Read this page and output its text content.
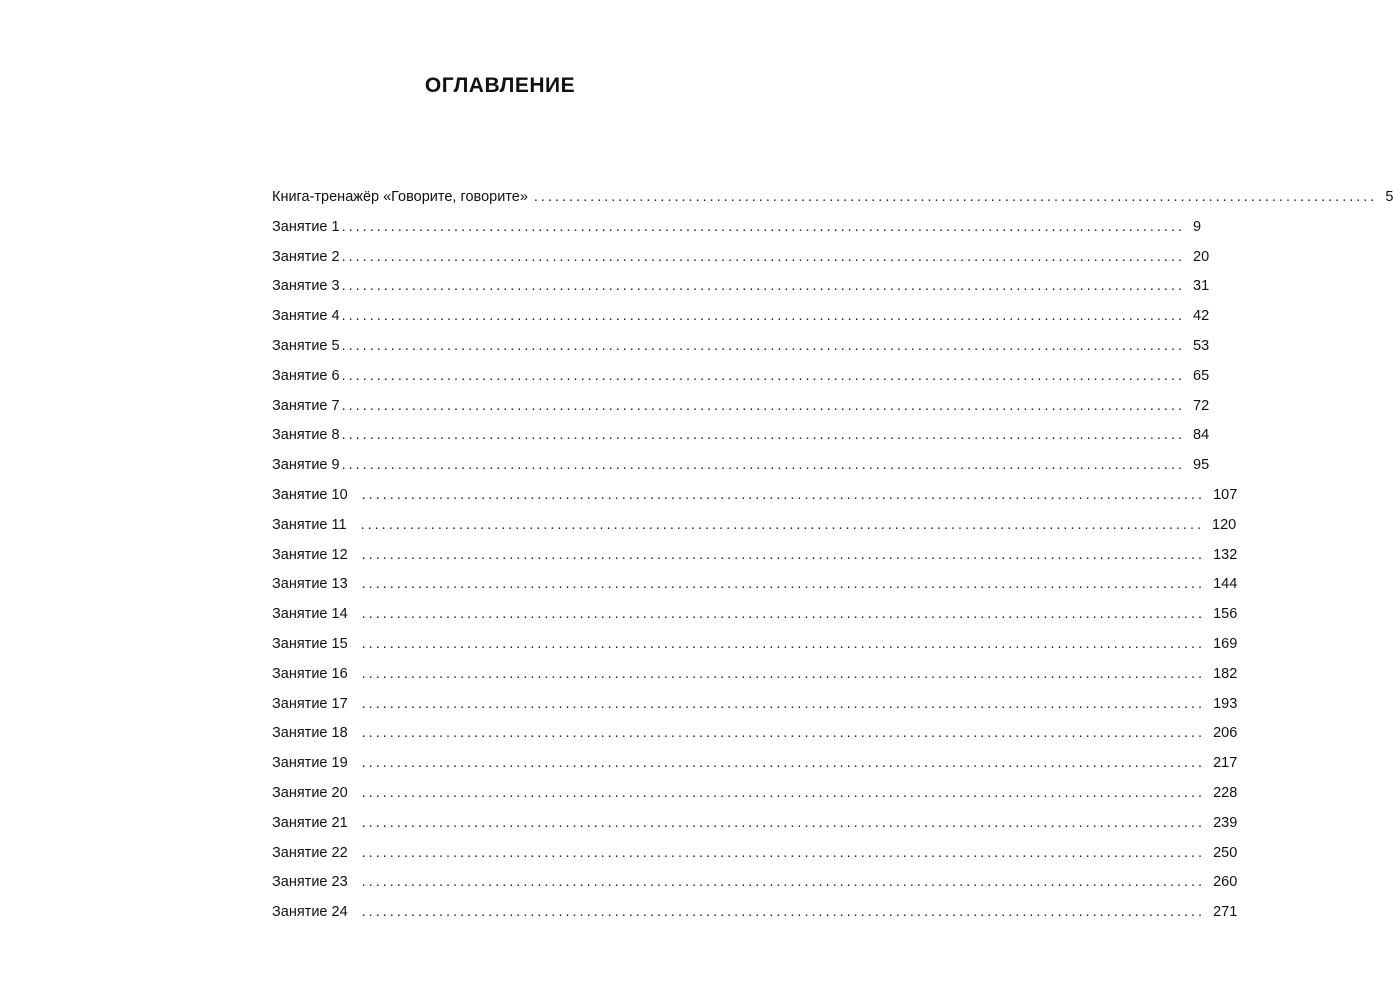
ОГЛАВЛЕНИЕ
Книга-тренажёр «Говорите, говорите» ........................................................................................................................ 5
Занятие 1 ........................................................................................................................ 9
Занятие 2 ........................................................................................................................ 20
Занятие 3 ........................................................................................................................ 31
Занятие 4 ........................................................................................................................ 42
Занятие 5 ........................................................................................................................ 53
Занятие 6 ........................................................................................................................ 65
Занятие 7 ........................................................................................................................ 72
Занятие 8 ........................................................................................................................ 84
Занятие 9 ........................................................................................................................ 95
Занятие 10 ........................................................................................................................ 107
Занятие 11 ........................................................................................................................ 120
Занятие 12 ........................................................................................................................ 132
Занятие 13 ........................................................................................................................ 144
Занятие 14 ........................................................................................................................ 156
Занятие 15 ........................................................................................................................ 169
Занятие 16 ........................................................................................................................ 182
Занятие 17 ........................................................................................................................ 193
Занятие 18 ........................................................................................................................ 206
Занятие 19 ........................................................................................................................ 217
Занятие 20 ........................................................................................................................ 228
Занятие 21 ........................................................................................................................ 239
Занятие 22 ........................................................................................................................ 250
Занятие 23 ........................................................................................................................ 260
Занятие 24 ........................................................................................................................ 271
